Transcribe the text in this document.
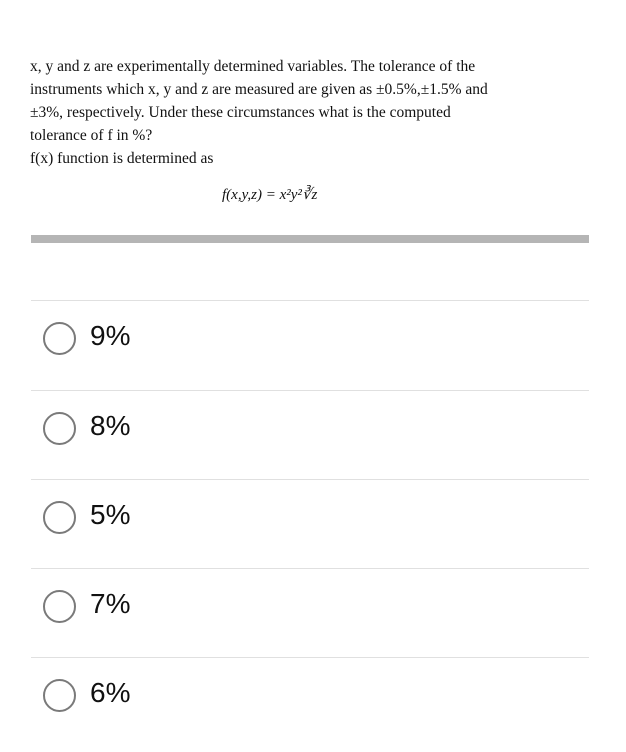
x, y and z are experimentally determined variables. The tolerance of the
instruments which x, y and z are measured are given as ±0.5%,±1.5% and
±3%, respectively. Under these circumstances what is the computed
tolerance of f in %?
f(x) function is determined as
f(x,y,z) = x²y²∛z
9%
8%
5%
7%
6%
